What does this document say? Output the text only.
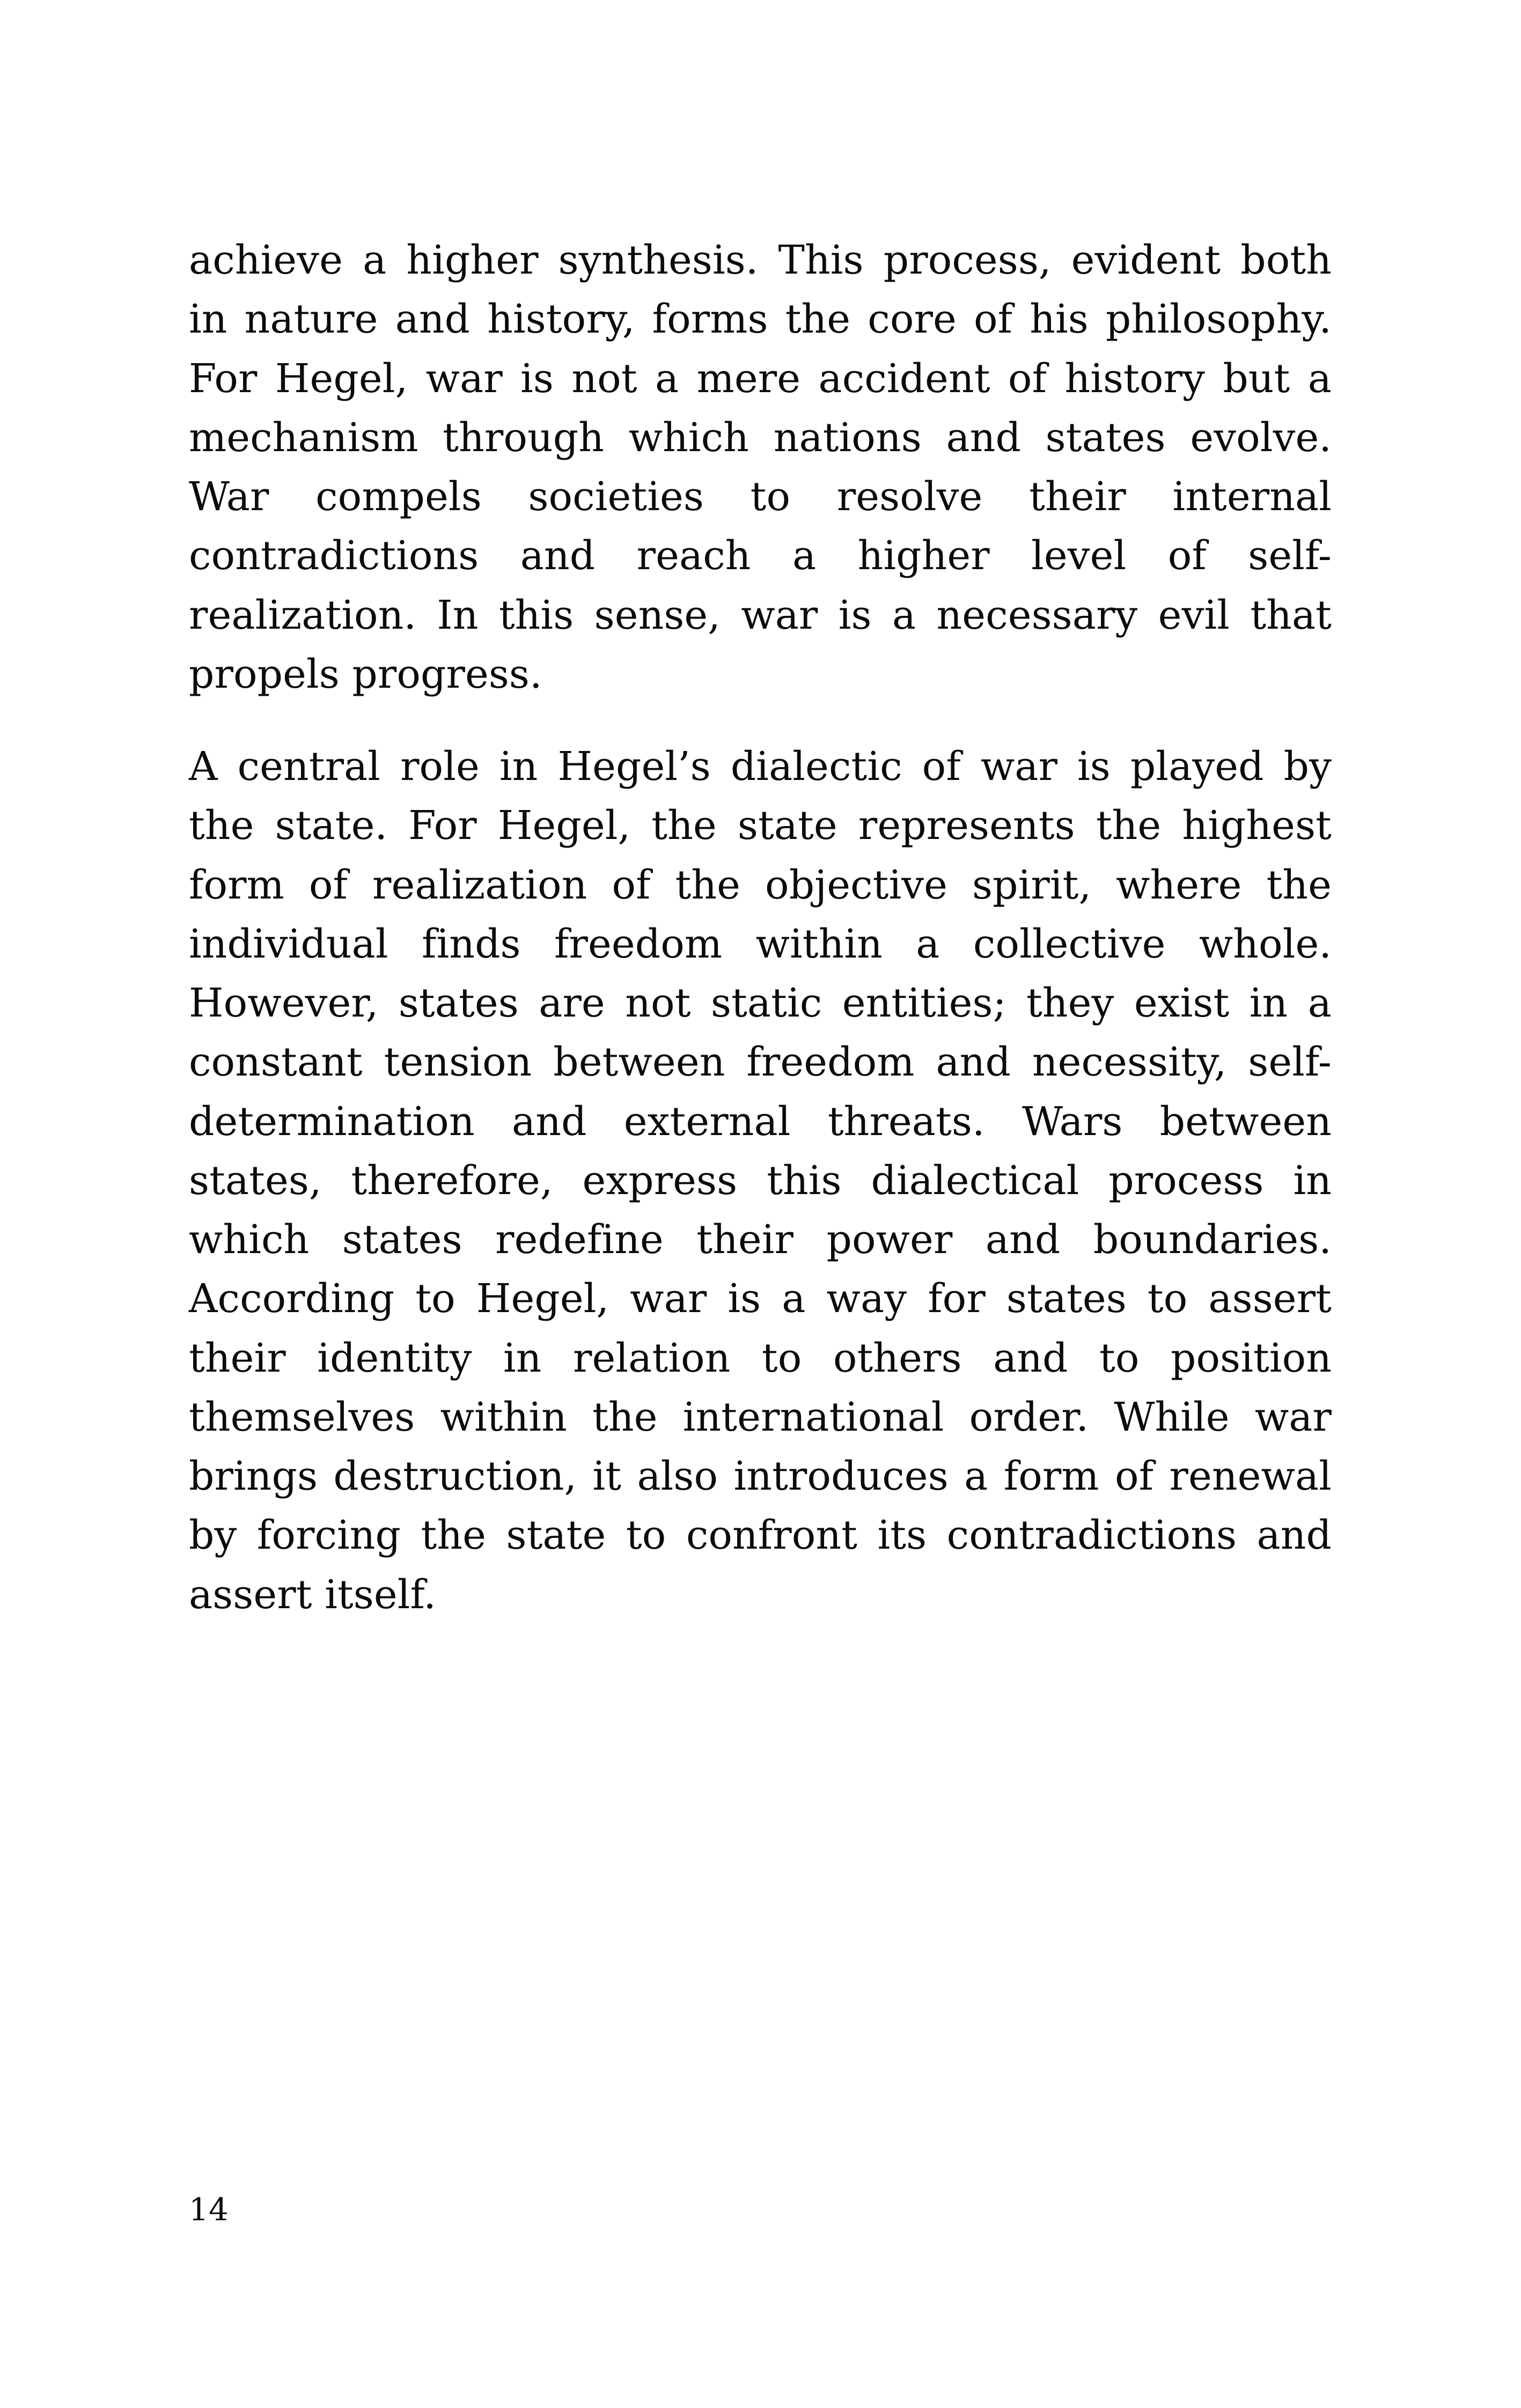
achieve a higher synthesis. This process, evident both in nature and history, forms the core of his philosophy. For Hegel, war is not a mere accident of history but a mechanism through which nations and states evolve. War compels societies to resolve their internal contradictions and reach a higher level of self-realization. In this sense, war is a necessary evil that propels progress.

A central role in Hegel’s dialectic of war is played by the state. For Hegel, the state represents the highest form of realization of the objective spirit, where the individual finds freedom within a collective whole. However, states are not static entities; they exist in a constant tension between freedom and necessity, self-determination and external threats. Wars between states, therefore, express this dialectical process in which states redefine their power and boundaries. According to Hegel, war is a way for states to assert their identity in relation to others and to position themselves within the international order. While war brings destruction, it also introduces a form of renewal by forcing the state to confront its contradictions and assert itself.

14
